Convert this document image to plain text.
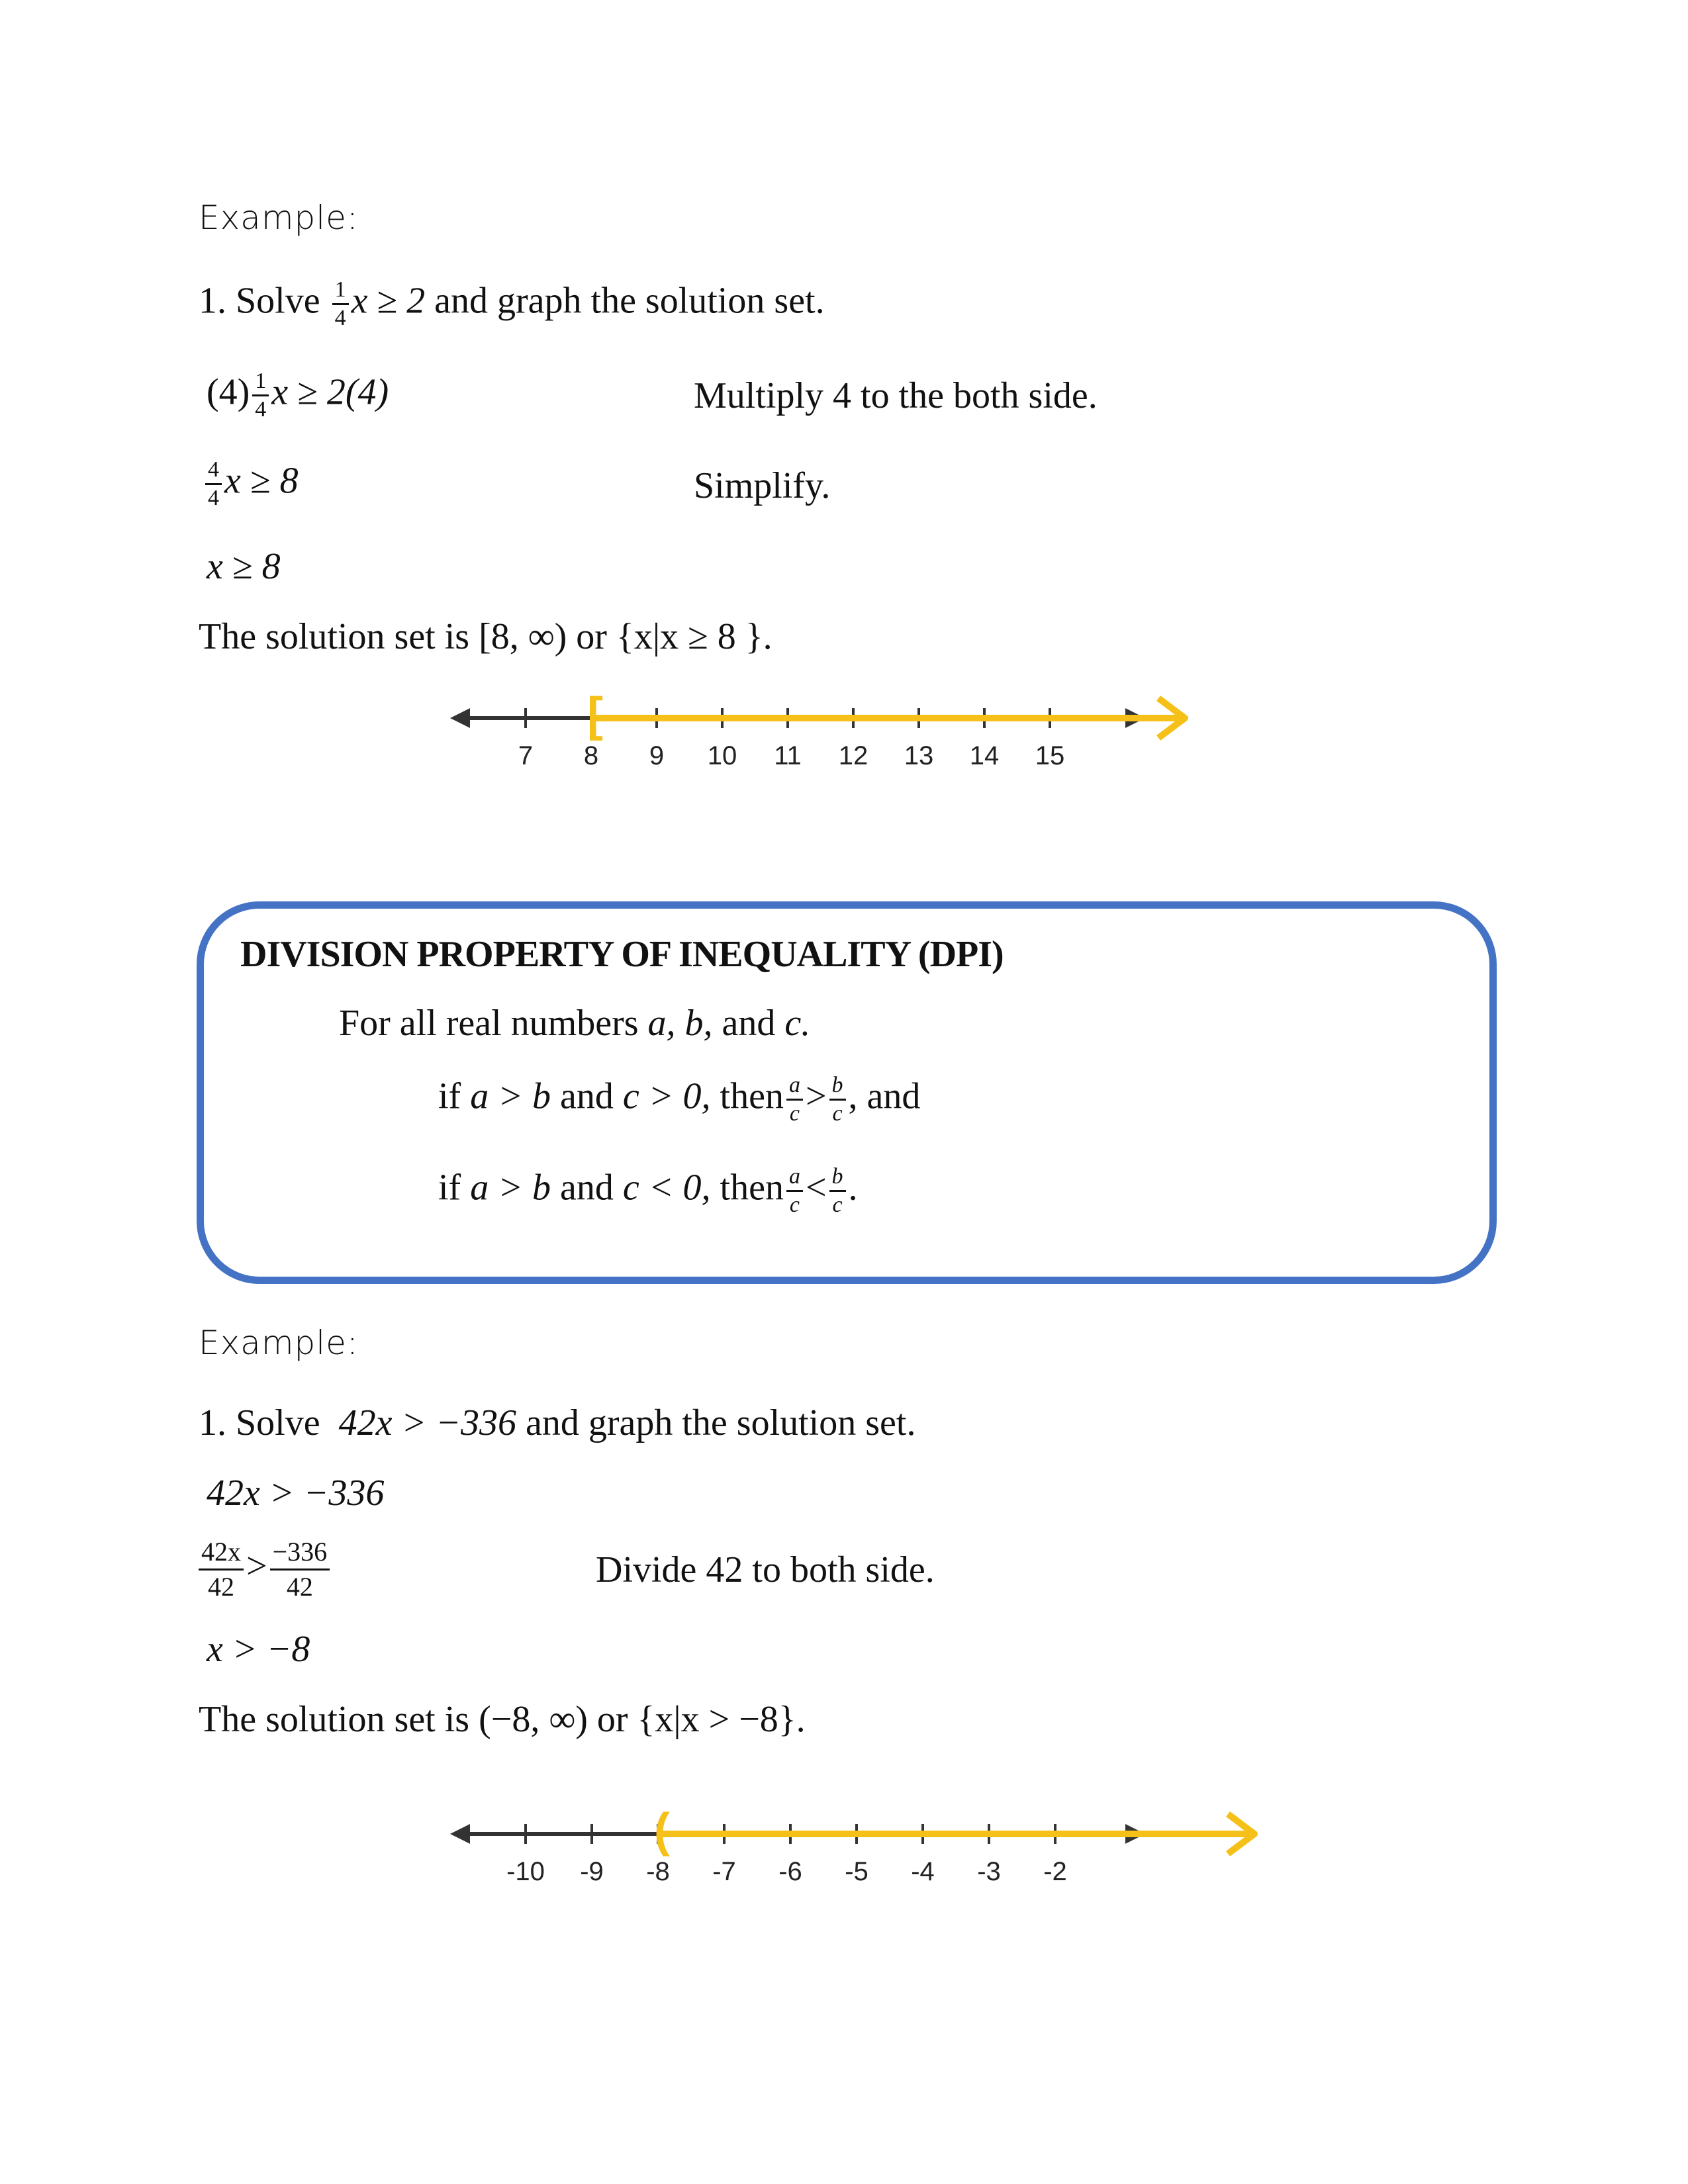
Example:
1. Solve $\frac{1}{4}$ x ≥ 2 and graph the solution set.
$(4) \frac{1}{4}$ x ≥ 2(4)	Multiply 4 to the both side.
$\frac{4}{4}$ x ≥ 8	Simplify.
x ≥ 8
The solution set is [8, ∞) or {x|x ≥ 8 }.
7 8 9 10 11 12 13 14 15
[
DIVISION PROPERTY OF INEQUALITY (DPI)
For all real numbers a, b, and c.
if a > b and c > 0, then $\frac{a}{c} > \frac{b}{c}$ , and
if a > b and c < 0, then $\frac{a}{c} < \frac{b}{c}$ .
Example:
1. Solve 42x > −336 and graph the solution set.
42x > −336
$\frac{42x}{42} > \frac{-336}{42}$	Divide 42 to both side.
x > −8
The solution set is (−8, ∞) or {x|x > −8}.
-10 -9 -8 -7 -6 -5 -4 -3 -2
(
